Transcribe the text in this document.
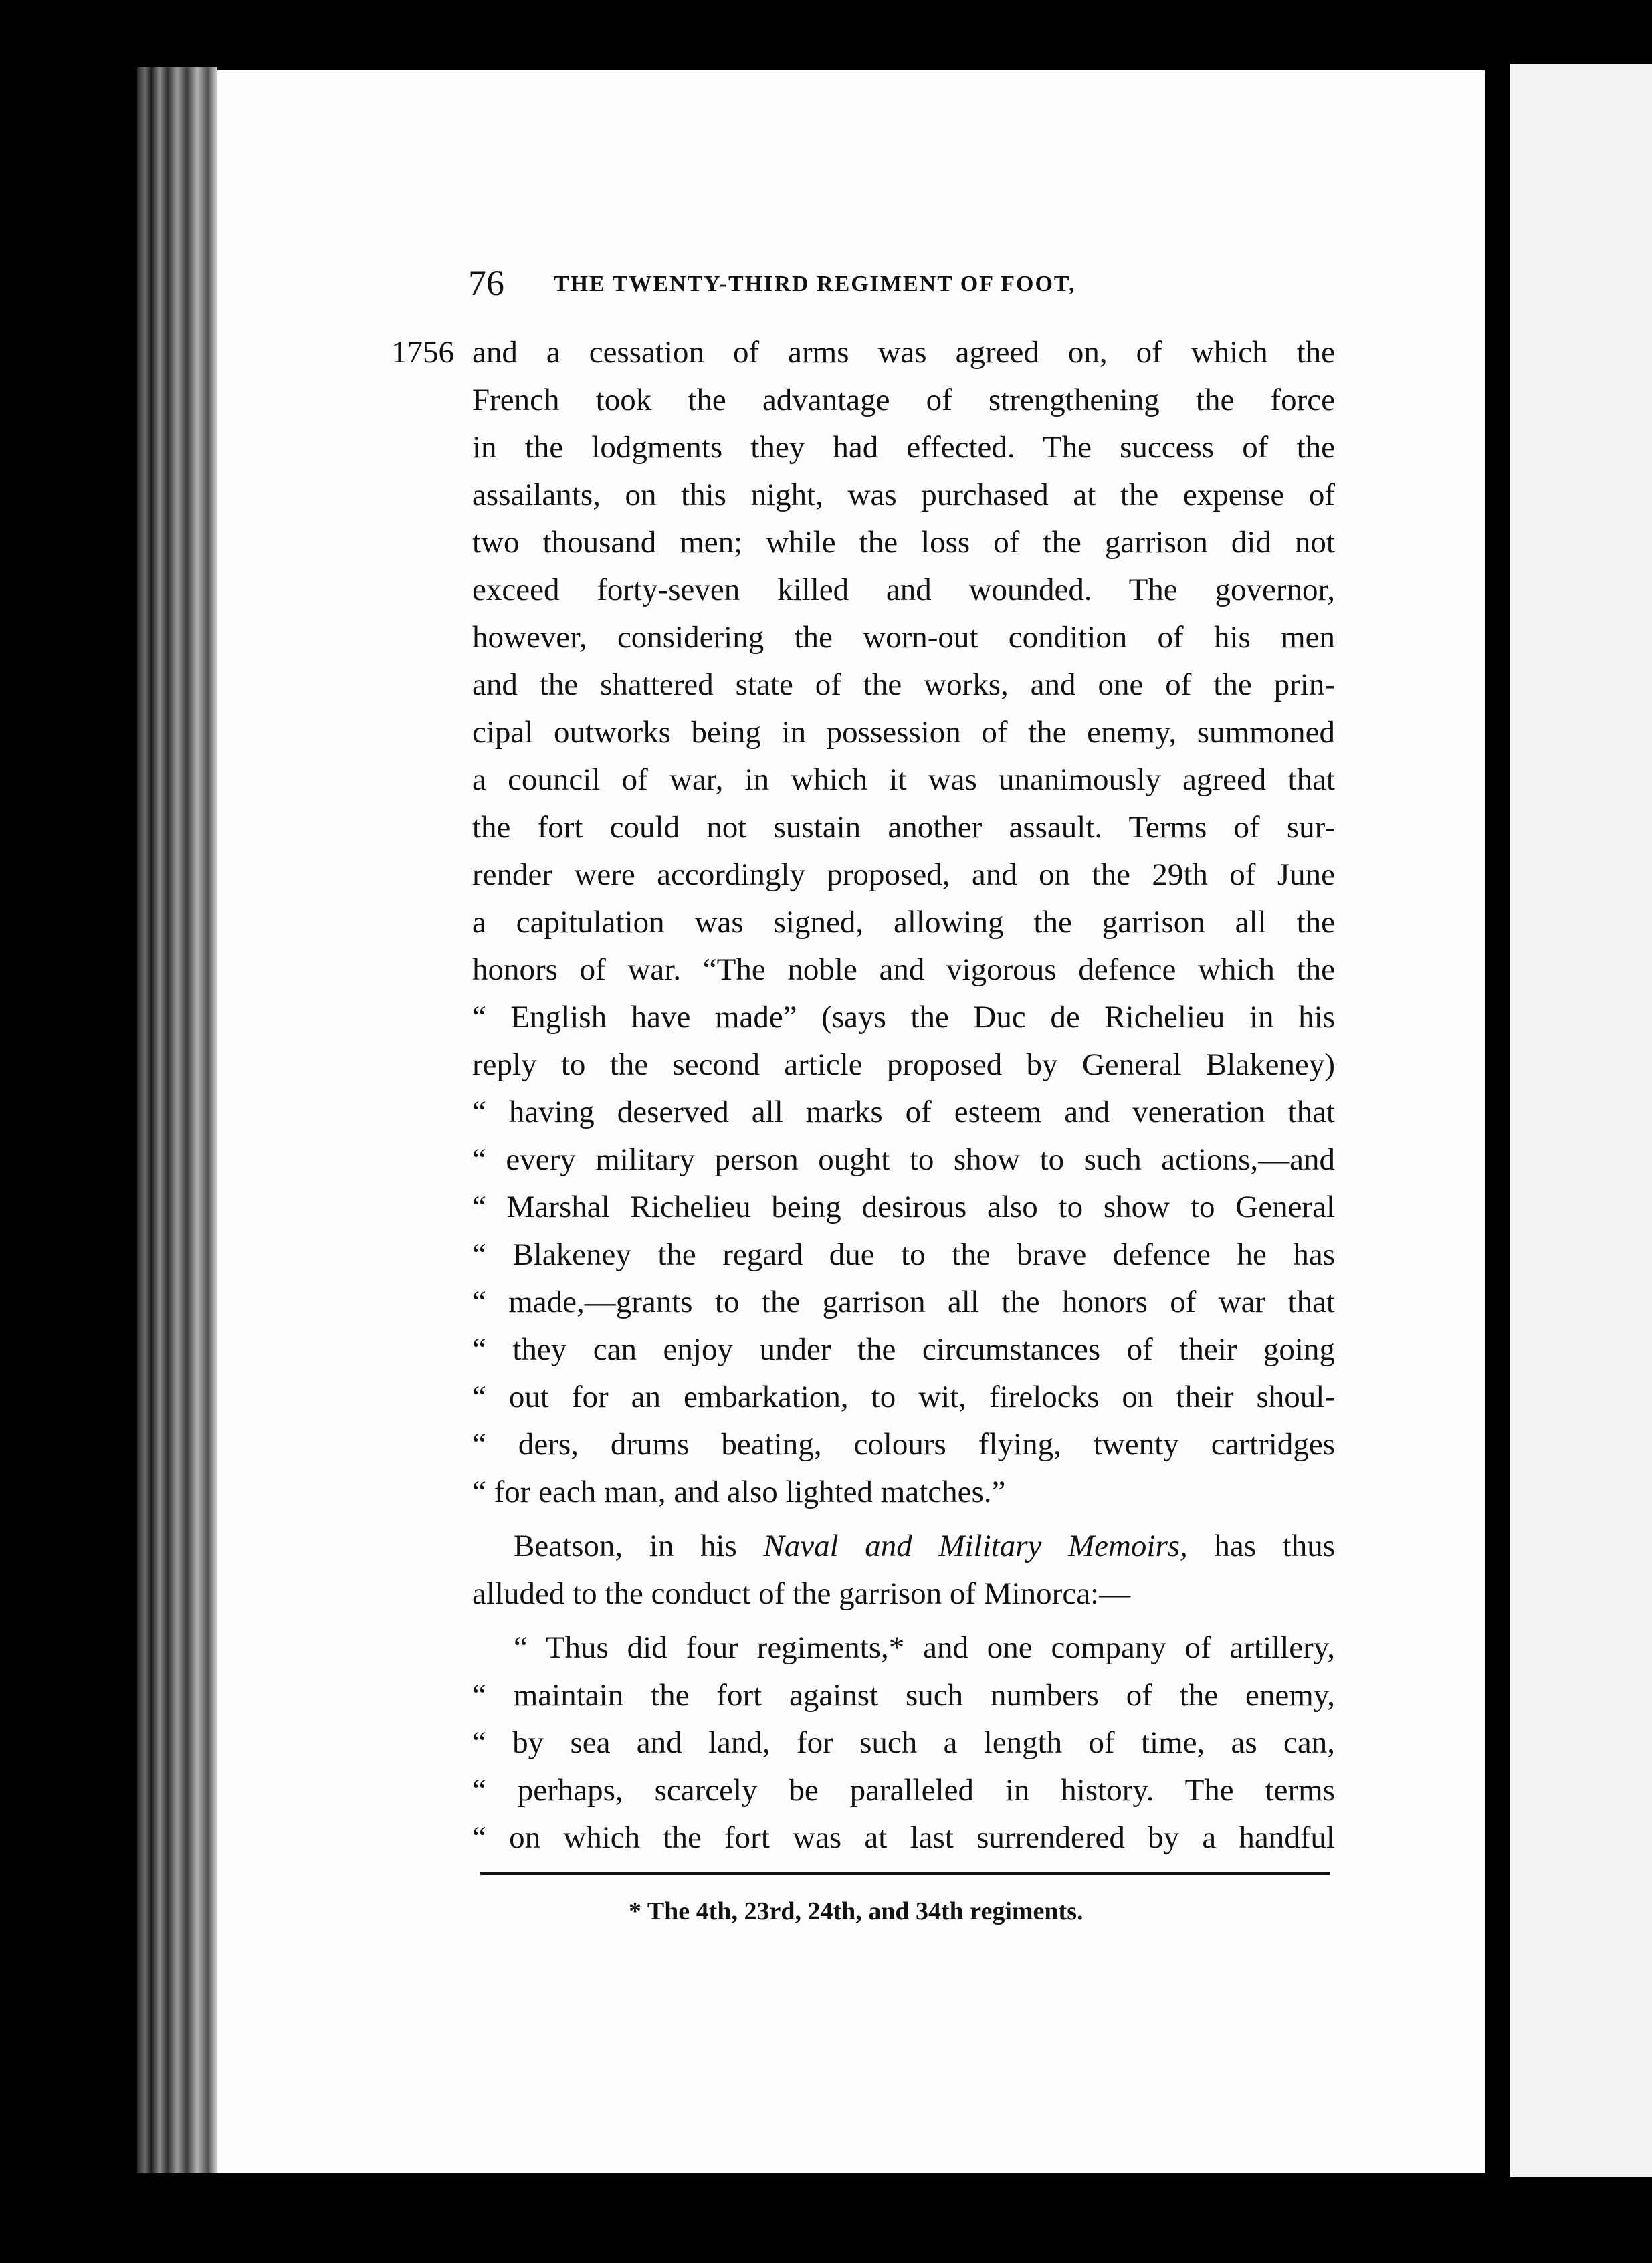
76 THE TWENTY-THIRD REGIMENT OF FOOT,
1756 and a cessation of arms was agreed on, of which the
French took the advantage of strengthening the force
in the lodgments they had effected. The success of the
assailants, on this night, was purchased at the expense of
two thousand men; while the loss of the garrison did not
exceed forty-seven killed and wounded. The governor,
however, considering the worn-out condition of his men
and the shattered state of the works, and one of the prin-
cipal outworks being in possession of the enemy, summoned
a council of war, in which it was unanimously agreed that
the fort could not sustain another assault. Terms of sur-
render were accordingly proposed, and on the 29th of June
a capitulation was signed, allowing the garrison all the
honors of war. “The noble and vigorous defence which the
“ English have made” (says the Duc de Richelieu in his
reply to the second article proposed by General Blakeney)
“ having deserved all marks of esteem and veneration that
“ every military person ought to show to such actions,—and
“ Marshal Richelieu being desirous also to show to General
“ Blakeney the regard due to the brave defence he has
“ made,—grants to the garrison all the honors of war that
“ they can enjoy under the circumstances of their going
“ out for an embarkation, to wit, firelocks on their shoul-
“ ders, drums beating, colours flying, twenty cartridges
“ for each man, and also lighted matches.”
Beatson, in his Naval and Military Memoirs, has thus
alluded to the conduct of the garrison of Minorca:—
“ Thus did four regiments,* and one company of artillery,
“ maintain the fort against such numbers of the enemy,
“ by sea and land, for such a length of time, as can,
“ perhaps, scarcely be paralleled in history. The terms
“ on which the fort was at last surrendered by a handful
* The 4th, 23rd, 24th, and 34th regiments.
